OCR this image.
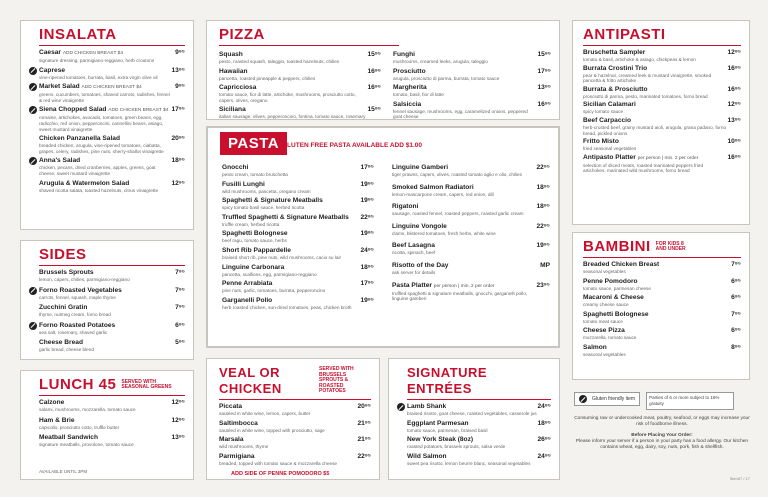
INSALATA
Caesar ADD CHICKEN BREAST $4	9⁹⁵
signature dressing, parmigiano-reggiano, herb croutons
Caprese	13⁹⁵
vine-ripened tomatoes, burrata, basil, extra virgin olive oil
Market Salad ADD CHICKEN BREAST $4	9⁹⁵
greens, cucumbers, tomatoes, shaved carrots, radishes, fennel & red wine vinaigrette
Siena Chopped Salad ADD CHICKEN BREAST $4 17⁹⁵
romaine, artichokes, avocado, tomatoes, green beans, egg, radicchio, red onion, pepperoncini, cannellini beans, asiago, sweet mustard vinaigrette
Chicken Panzanella Salad	20⁹⁵
breaded chicken, arugula, vine-ripened tomatoes, ciabatta, grapes, celery, radishes, pine nuts, sherry-shallot vinaigrette
Anna's Salad	18⁹⁵
chicken, pecans, dried cranberries, apples, greens, goat cheese, sweet mustard vinaigrette
Arugula & Watermelon Salad	12⁹⁵
shaved ricotta salata, toasted hazelnuts, citrus vinaigrette
SIDES
Brussels Sprouts	7⁹⁵
lemon, capers, chilies, parmigiano-reggiano
Forno Roasted Vegetables	7⁹⁵
carrots, fennel, squash, maple thyme
Zucchini Gratin	7⁹⁵
thyme, nutmeg cream, forno bread
Forno Roasted Potatoes	6⁹⁵
sea salt, rosemary, shaved garlic
Cheese Bread	5⁹⁵
garlic bread, cheese blend
LUNCH 45 SERVED WITH SEASONAL GREENS
Calzone	12⁹⁵
salami, mushrooms, mozzarella, tomato sauce
Ham & Brie	12⁹⁵
capicollo, prosciutto cotto, truffle butter
Meatball Sandwich	13⁹⁵
signature meatballs, provolone, tomato sauce
AVAILABLE UNTIL 3PM
PIZZA
Squash	15⁹⁵
pesto, roasted squash, taleggio, toasted hazelnuts, chilies
Hawaiian	16⁹⁵
pancetta, roasted pineapple & peppers, chilies
Capricciosa	16⁹⁵
tomato sauce, fior di latte, artichoke, mushrooms, prosciutto cotto, capers, olives, oregano
Siciliana	15⁹⁵
italian sausage, olives, pepperoncino, fontina, tomato sauce, rosemary
Funghi	15⁹⁵
mushrooms, creamed leeks, arugula, taleggio
Prosciutto	17⁹⁵
arugula, prosciutto di parma, burrata, tomato sauce
Margherita	13⁹⁵
tomato, basil, fior di latte
Salsiccia	16⁹⁵
fennel sausage, mushrooms, egg, caramelized onions, peppered goat cheese
PASTA GLUTEN FREE PASTA AVAILABLE ADD $1.00
Gnocchi	17⁹⁵
pesto cream, tomato bruschetta
Fusilli Lunghi	19⁹⁵
wild mushrooms, pancetta, oregano cream
Spaghetti & Signature Meatballs	19⁹⁵
spicy tomato basil sauce, herbed ricotta
Truffled Spaghetti & Signature Meatballs	22⁹⁵
truffle cream, herbed ricotta
Spaghetti Bolognese	19⁹⁵
beef ragu, tomato sauce, herbs
Short Rib Pappardelle	24⁹⁵
braised short rib, pine nuts, wild mushrooms, cacio su lair
Linguine Carbonara	18⁹⁵
pancetta, scallions, egg, parmigiano-reggiano
Penne Arrabiata	17⁹⁵
pine nuts, garlic, tomatoes, burrata, pepperoncino
Garganelli Pollo	19⁹⁵
herb roasted chicken, sun-dried tomatoes, peas, chicken broth
Linguine Gamberi	22⁹⁵
tiger prawns, capers, olives, roasted tomato aglio e olio, chilies
Smoked Salmon Radiatori	18⁹⁵
lemon-mascarpone cream, capers, red onion, dill
Rigatoni	18⁹⁵
sausage, roasted fennel, roasted peppers, roasted garlic cream
Linguine Vongole	22⁹⁵
clams, blistered tomatoes, fresh herbs, white wine
Beef Lasagna	19⁹⁵
ricotta, spinach, beef
Risotto of the Day	MP
ask server for details
Pasta Platter per person | min. 2 per order	23⁹⁵
truffled spaghetti & signature meatballs, gnocchi, garganelli pollo, linguine gamberi
VEAL OR CHICKEN
SERVED WITH BRUSSELS SPROUTS & ROASTED POTATOES
Piccata	20⁹⁵
sautéed in white wine, lemon, capers, butter
Saltimbocca	21⁹⁵
sautéed in white wine, topped with prosciutto, sage
Marsala	21⁹⁵
wild mushrooms, thyme
Parmigiana	22⁹⁵
breaded, topped with tomato sauce & mozzarella cheese
ADD SIDE OF PENNE POMODORO $5
SIGNATURE ENTRÉES
Lamb Shank	24⁹⁵
braised risotto, goat cheese, roasted vegetables, casserole jus
Eggplant Parmesan	18⁹⁵
tomato sauce, parmesan, braised basil
New York Steak (8oz)	26⁹⁵
roasted potatoes, brussels sprouts, salsa verde
Wild Salmon	24⁹⁵
sweet pea risotto, lemon beurre blanc, seasonal vegetables
ANTIPASTI
Bruschetta Sampler	12⁹⁵
tomato & basil, artichoke & asiago, chickpeas & lemon
Burrata Crostini Trio	16⁹⁵
pear & hazelnut, creamed leek & mustard vinaigrette, smoked pancetta & fritto artichoke
Burrata & Prosciutto	16⁹⁵
prosciutto di parma, pesto, marinated tomatoes, forno bread
Sicilian Calamari	12⁹⁵
spicy tomato sauce
Beef Carpaccio	13⁹⁵
herb-crusted beef, grainy mustard aioli, arugula, grana padano, forno bread, pickled onions
Fritto Misto	10⁹⁵
fried seasonal vegetables
Antipasto Platter per person | min. 2 per order	16⁹⁵
selection of sliced meats, roasted marinated peppers fried artichokes, marinated wild mushrooms, forno bread
BAMBINI FOR KIDS 8 AND UNDER
Breaded Chicken Breast	7⁹⁵
seasonal vegetables
Penne Pomodoro	6⁹⁵
tomato sauce, parmesan cheese
Macaroni & Cheese	6⁹⁵
creamy cheese sauce
Spaghetti Bolognese	7⁹⁵
tomato meat sauce
Cheese Pizza	6⁹⁵
mozzarella, tomato sauce
Salmon	8⁹⁵
seasonal vegetables
Gluten friendly item	Parties of 6 or more subject to 18% gratuity
Consuming raw or undercooked meat, poultry, seafood, or eggs may increase your risk of foodborne illness.
Before Placing Your Order:
Please inform your server if a person in your party has a food allergy. Our kitchen contains wheat, egg, dairy, soy, nuts, pork, fish & shellfish.
Sien07 / 17
